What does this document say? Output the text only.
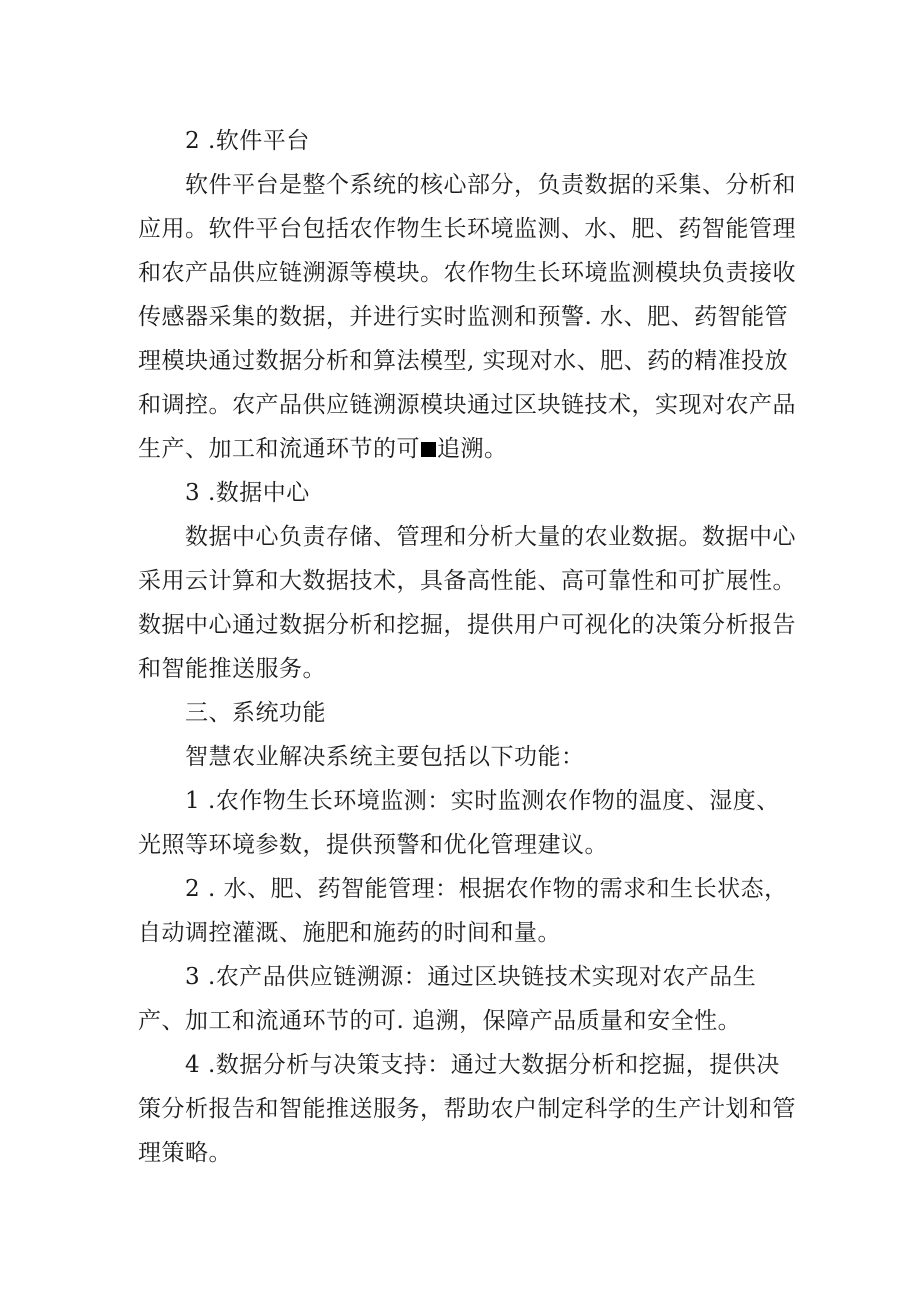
2 .软件平台
软件平台是整个系统的核心部分，负责数据的采集、分析和
应用。软件平台包括农作物生长环境监测、水、肥、药智能管理
和农产品供应链溯源等模块。农作物生长环境监测模块负责接收
传感器采集的数据，并进行实时监测和预警. 水、肥、药智能管
理模块通过数据分析和算法模型, 实现对水、肥、药的精准投放
和调控。农产品供应链溯源模块通过区块链技术，实现对农产品
生产、加工和流通环节的可 追溯。
3 .数据中心
数据中心负责存储、管理和分析大量的农业数据。数据中心
采用云计算和大数据技术，具备高性能、高可靠性和可扩展性。
数据中心通过数据分析和挖掘，提供用户可视化的决策分析报告
和智能推送服务。
三、系统功能
智慧农业解决系统主要包括以下功能：
1 .农作物生长环境监测：实时监测农作物的温度、湿度、
光照等环境参数，提供预警和优化管理建议。
2 . 水、肥、药智能管理：根据农作物的需求和生长状态，
自动调控灌溉、施肥和施药的时间和量。
3 .农产品供应链溯源：通过区块链技术实现对农产品生
产、加工和流通环节的可. 追溯，保障产品质量和安全性。
4 .数据分析与决策支持：通过大数据分析和挖掘，提供决
策分析报告和智能推送服务，帮助农户制定科学的生产计划和管
理策略。
